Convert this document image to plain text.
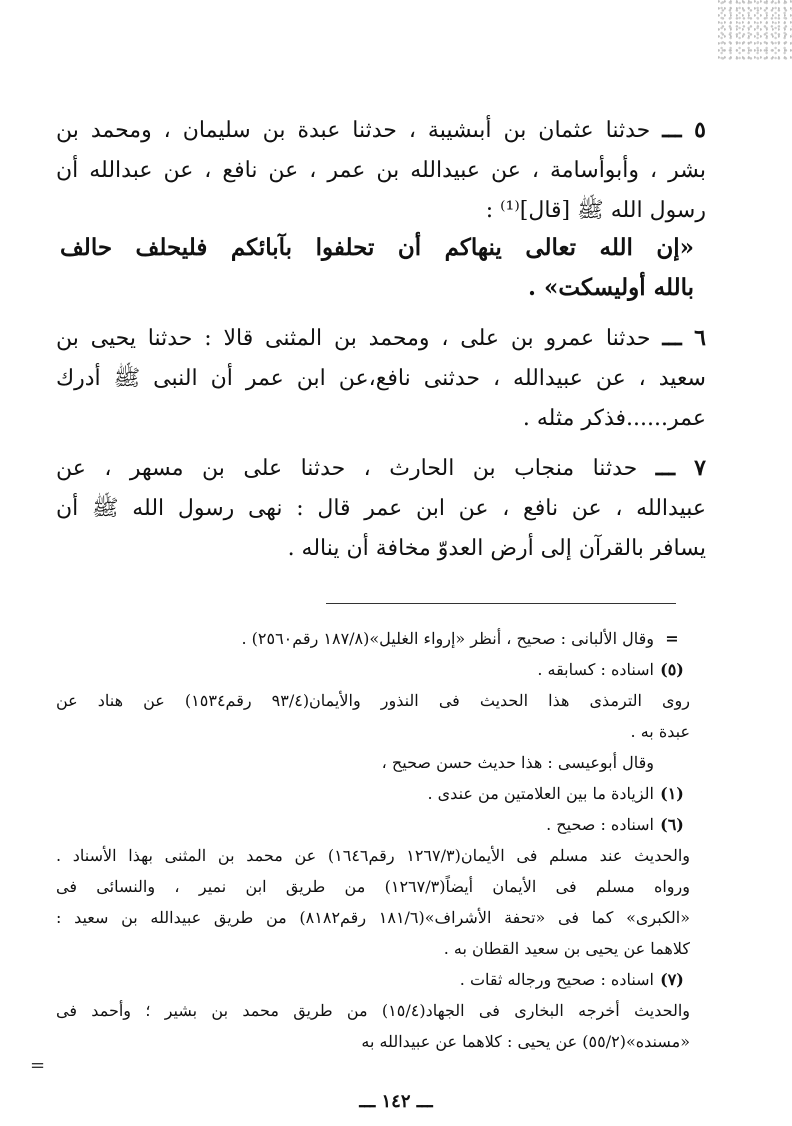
٥ ـــ حدثنا عثمان بن أبىشيبة ، حدثنا عبدة بن سليمان ، ومحمد بن
بشر ، وأبوأسامة ، عن عبيدالله بن عمر ، عن نافع ، عن عبدالله أن
رسول الله ﷺ [قال]⁽¹⁾ :
«إن الله تعالى ينهاكم أن تحلفوا بآبائكم فليحلف حالف
بالله أوليسكت» .
٦ ـــ حدثنا عمرو بن على ، ومحمد بن المثنى قالا : حدثنا يحيى بن
سعيد ، عن عبيدالله ، حدثنى نافع،عن ابن عمر أن النبى ﷺ أدرك
عمر......فذكر مثله .
٧ ـــ حدثنا منجاب بن الحارث ، حدثنا على بن مسهر ، عن
عبيدالله ، عن نافع ، عن ابن عمر قال : نهى رسول الله ﷺ أن
يسافر بالقرآن إلى أرض العدوّ مخافة أن يناله .
=
وقال الألبانى : صحيح ، أنظر «إرواء الغليل»(١٨٧/٨ رقم٢٥٦٠) .
(٥)
اسناده : كسابقه .
روى الترمذى هذا الحديث فى النذور والأيمان(٩٣/٤ رقم١٥٣٤) عن هناد عن
عبدة به .
وقال أبوعيسى : هذا حديث حسن صحيح ،
(١)
الزيادة ما بين العلامتين من عندى .
(٦)
اسناده : صحيح .
والحديث عند مسلم فى الأيمان(١٢٦٧/٣ رقم١٦٤٦) عن محمد بن المثنى بهذا الأسناد .
ورواه مسلم فى الأيمان أيضاً(١٢٦٧/٣) من طريق ابن نمير ، والنسائى فى
«الكبرى» كما فى «تحفة الأشراف»(١٨١/٦ رقم٨١٨٢) من طريق عبيدالله بن سعيد :
كلاهما عن يحيى بن سعيد القطان به .
(٧)
اسناده : صحيح ورجاله ثقات .
والحديث أخرجه البخارى فى الجهاد(١٥/٤) من طريق محمد بن بشير ؛ وأحمد فى
«مسنده»(٥٥/٢) عن يحيى : كلاهما عن عبيدالله به
=
ـــ ١٤٢ ـــ
